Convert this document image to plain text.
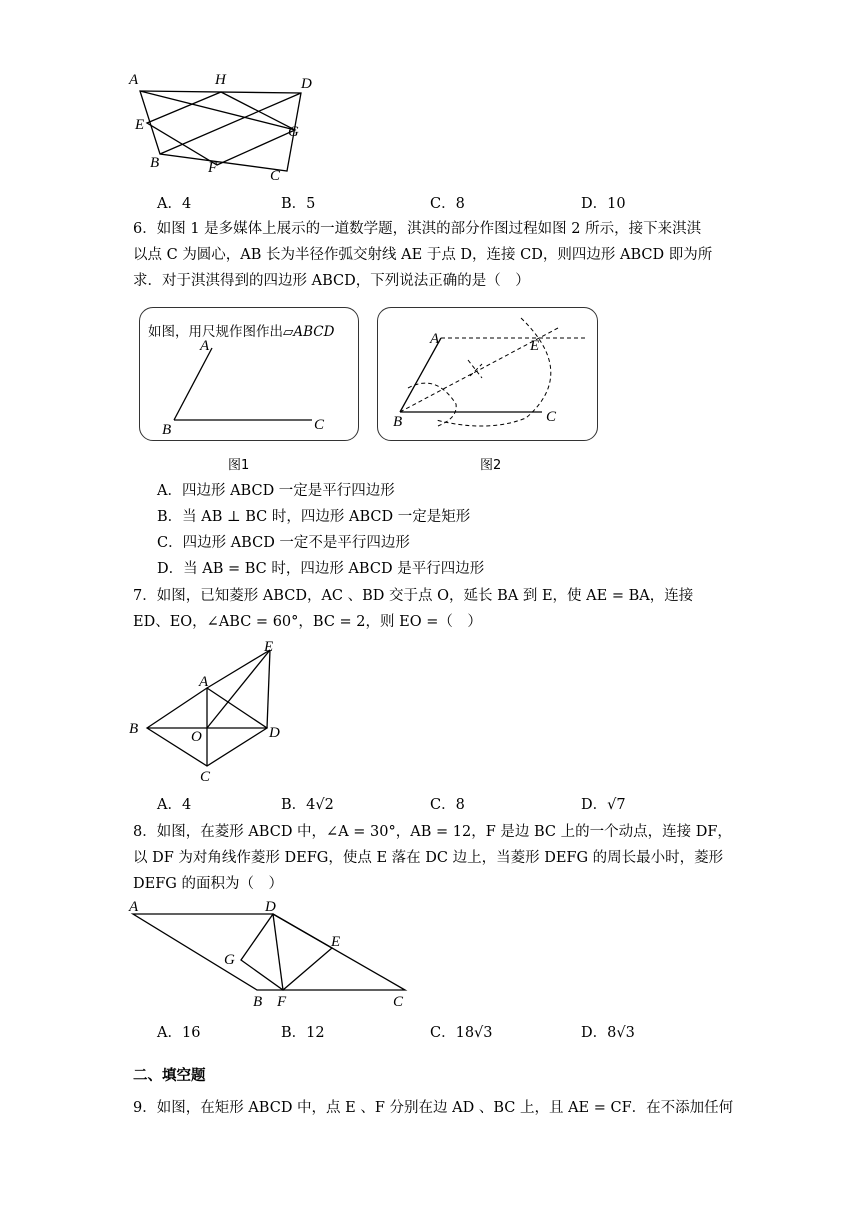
A	H	D
E	G
B	F	C
A．4	B．5	C．8	D．10
6．如图 1 是多媒体上展示的一道数学题，淇淇的部分作图过程如图 2 所示，接下来淇淇
以点 C 为圆心，AB 长为半径作弧交射线 AE 于点 D，连接 CD，则四边形 ABCD 即为所
求．对于淇淇得到的四边形 ABCD，下列说法正确的是（　）
如图，用尺规作图作出▱ABCD
A
B	C
图1
A	E
B	C
图2
A．四边形 ABCD 一定是平行四边形
B．当 AB ⊥ BC 时，四边形 ABCD 一定是矩形
C．四边形 ABCD 一定不是平行四边形
D．当 AB = BC 时，四边形 ABCD 是平行四边形
7．如图，已知菱形 ABCD，AC 、BD 交于点 O，延长 BA 到 E，使 AE = BA，连接
ED、EO，∠ABC = 60°，BC = 2，则 EO =（　）
E
A
B	O	D
C
A．4	B．4√2	C．8	D．√7
8．如图，在菱形 ABCD 中，∠A = 30°，AB = 12，F 是边 BC 上的一个动点，连接 DF，
以 DF 为对角线作菱形 DEFG，使点 E 落在 DC 边上，当菱形 DEFG 的周长最小时，菱形
DEFG 的面积为（　）
A	D
E
G
B F	C
A．16	B．12	C．18√3	D．8√3
二、填空题
9．如图，在矩形 ABCD 中，点 E 、F 分别在边 AD 、BC 上，且 AE = CF．在不添加任何
